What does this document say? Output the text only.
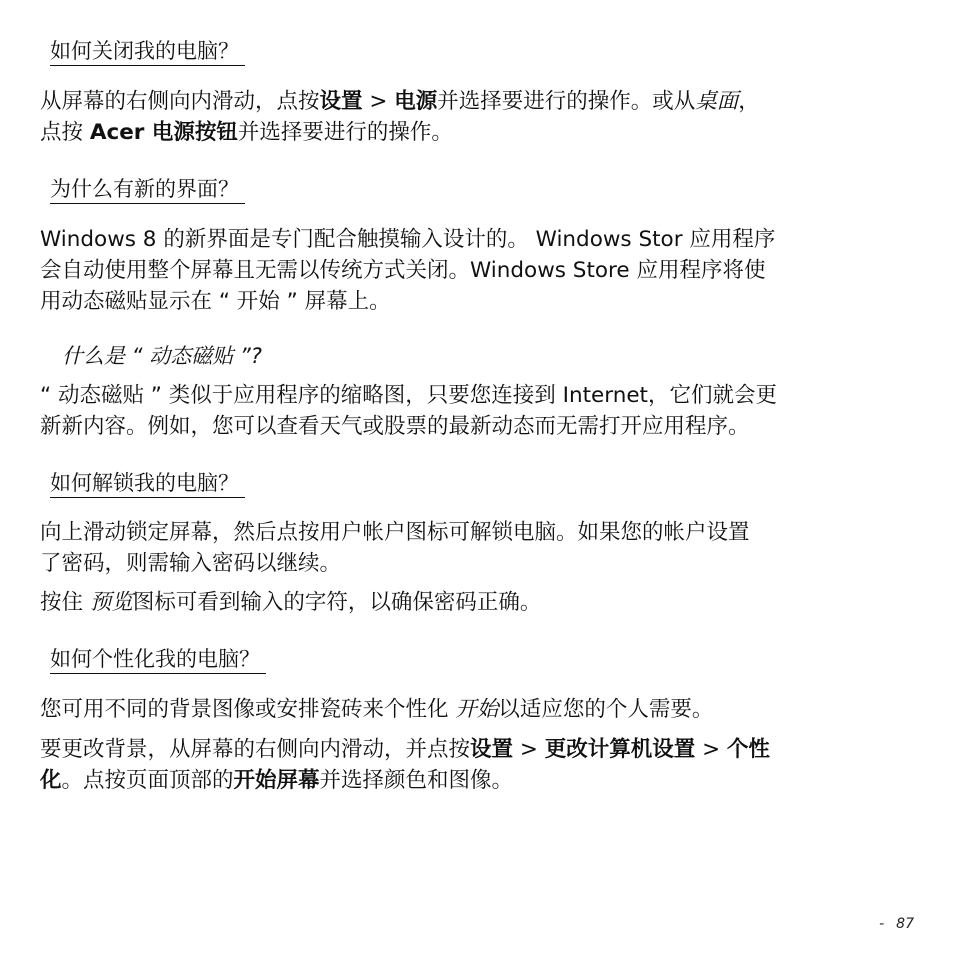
如何关闭我的电脑？
从屏幕的右侧向内滑动，点按设置 > 电源并选择要进行的操作。或从桌面，
点按 Acer 电源按钮并选择要进行的操作。
为什么有新的界面？
Windows 8 的新界面是专门配合触摸输入设计的。 Windows Stor 应用程序
会自动使用整个屏幕且无需以传统方式关闭。Windows Store 应用程序将使
用动态磁贴显示在 “ 开始 ” 屏幕上。
什么是 “ 动态磁贴 ”?
“ 动态磁贴 ” 类似于应用程序的缩略图，只要您连接到 Internet，它们就会更
新新内容。例如，您可以查看天气或股票的最新动态而无需打开应用程序。
如何解锁我的电脑？
向上滑动锁定屏幕，然后点按用户帐户图标可解锁电脑。如果您的帐户设置
了密码，则需输入密码以继续。
按住 预览图标可看到输入的字符，以确保密码正确。
如何个性化我的电脑？
您可用不同的背景图像或安排瓷砖来个性化 开始以适应您的个人需要。
要更改背景，从屏幕的右侧向内滑动，并点按设置 > 更改计算机设置 > 个性
化。点按页面顶部的开始屏幕并选择颜色和图像。
- 87
